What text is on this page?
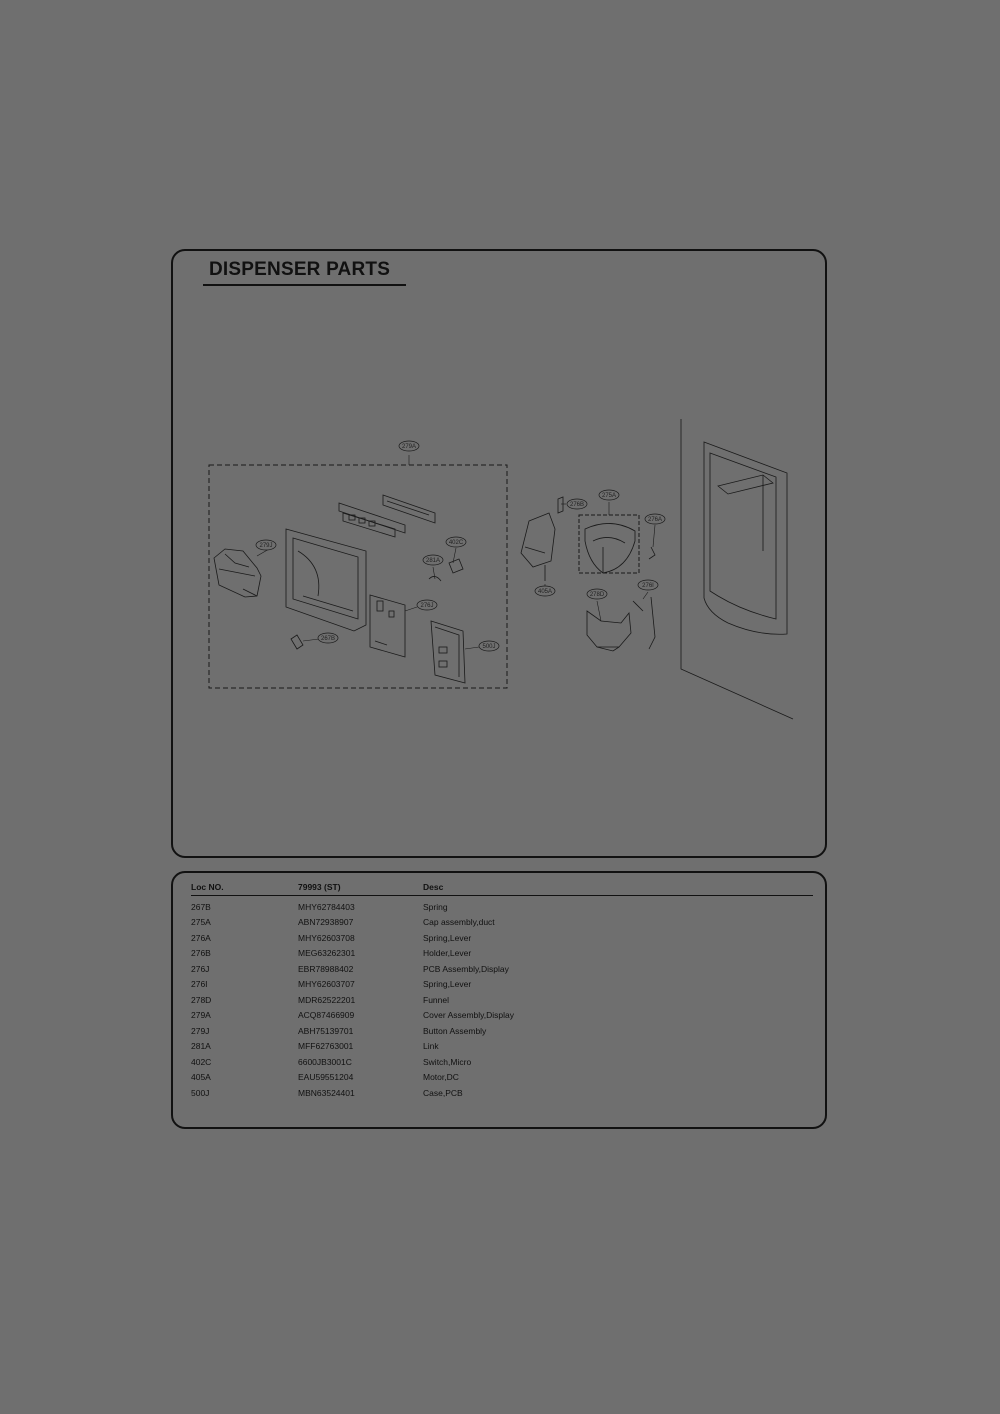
DISPENSER PARTS
279A
276B
275A
276A
279J	402C
281A
405A	278D
276I
276J
267B
500J
Loc NO.	79993 (ST)	Desc
267B	MHY62784403	Spring
275A	ABN72938907	Cap assembly,duct
276A	MHY62603708	Spring,Lever
276B	MEG63262301	Holder,Lever
276J	EBR78988402	PCB Assembly,Display
276I	MHY62603707	Spring,Lever
278D	MDR62522201	Funnel
279A	ACQ87466909	Cover Assembly,Display
279J	ABH75139701	Button Assembly
281A	MFF62763001	Link
402C	6600JB3001C	Switch,Micro
405A	EAU59551204	Motor,DC
500J	MBN63524401	Case,PCB
